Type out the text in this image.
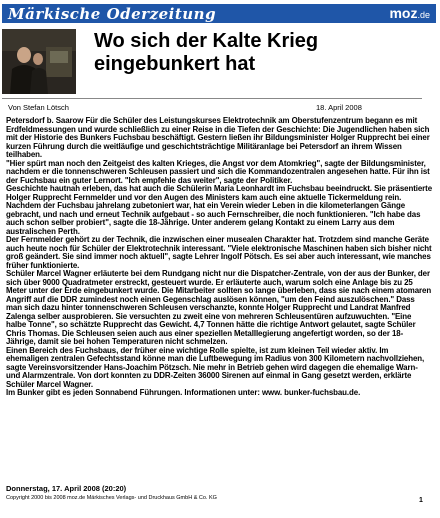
Märkische Oderzeitung	moz.de
Wo sich der Kalte Krieg eingebunkert hat
Von Stefan Lötsch	18. April 2008

Petersdorf b. Saarow Für die Schüler des Leistungskurses Elektrotechnik am Oberstufenzentrum begann es mit Erdfeldmessungen und wurde schließlich zu einer Reise in die Tiefen der Geschichte: Die Jugendlichen haben sich mit der Historie des Bunkers Fuchsbau beschäftigt. Gestern ließen ihr Bildungsminister Holger Rupprecht bei einer kurzen Führung durch die weitläufige und geschichtsträchtige Militäranlage bei Petersdorf an ihrem Wissen teilhaben.

"Hier spürt man noch den Zeitgeist des kalten Krieges, die Angst vor dem Atomkrieg", sagte der Bildungsminister, nachdem er die tonnenschweren Schleusen passiert und sich die Kommandozentralen angesehen hatte. Für ihn ist der Fuchsbau ein guter Lernort. "Ich empfehle das weiter", sagte der Politiker.

Geschichte hautnah erleben, das hat auch die Schülerin Maria Leonhardt im Fuchsbau beeindruckt. Sie präsentierte Holger Rupprecht Fernmelder und vor den Augen des Ministers kam auch eine aktuelle Tickermeldung rein. Nachdem der Fuchsbau jahrelang zubetoniert war, hat ein Verein wieder Leben in die kilometerlangen Gänge gebracht, und nach und erneut Technik aufgebaut - so auch Fernschreiber, die noch funktionieren. "Ich habe das auch schon selber probiert", sagte die 18-Jährige. Unter anderem gelang Kontakt zu einem Larry aus dem australischen Perth.

Der Fernmelder gehört zu der Technik, die inzwischen einer musealen Charakter hat. Trotzdem sind manche Geräte auch heute noch für Schüler der Elektrotechnik interessant. "Viele elektronische Maschinen haben sich bisher nicht groß geändert. Sie sind immer noch aktuell", sagte Lehrer Ingolf Pötsch. Es sei aber auch interessant, wie manches früher funktionierte.

Schüler Marcel Wagner erläuterte bei dem Rundgang nicht nur die Dispatcher-Zentrale, von der aus der Bunker, der sich über 9000 Quadratmeter erstreckt, gesteuert wurde. Er erläuterte auch, warum solch eine Anlage bis zu 25 Meter unter der Erde eingebunkert wurde. Die Mitarbeiter sollten so lange überleben, dass sie nach einem atomaren Angriff auf die DDR zumindest noch einen Gegenschlag auslösen können, "um den Feind auszulöschen." Dass man sich dazu hinter tonnenschweren Schleusen verschanzte, konnte Holger Rupprecht und Landrat Manfred Zalenga selber ausprobieren. Sie versuchten zu zweit eine von mehreren Schleusentüren aufzuwuchten. "Eine halbe Tonne", so schätzte Rupprecht das Gewicht. 4,7 Tonnen hätte die richtige Antwort gelautet, sagte Schüler Chris Thomas. Die Schleusen seien auch aus einer speziellen Metalllegierung angefertigt worden, so der 18-Jährige, damit sie bei hohen Temperaturen nicht schmelzen.

Einen Bereich des Fuchsbaus, der früher eine wichtige Rolle spielte, ist zum kleinen Teil wieder aktiv. Im ehemaligen zentralen Gefechtsstand könne man die Luftbewegung im Radius von 300 Kilometern nachvollziehen, sagte Vereinsvorsitzender Hans-Joachim Pötzsch. Nie mehr in Betrieb gehen wird dagegen die ehemalige Warn- und Alarmzentrale. Von dort konnten zu DDR-Zeiten 36000 Sirenen auf einmal in Gang gesetzt werden, erklärte Schüler Marcel Wagner.

Im Bunker gibt es jeden Sonnabend Führungen. Informationen unter: www. bunker-fuchsbau.de.

Donnerstag, 17. April 2008 (20:20)
Copyright 2000 bis 2008 moz.de Märkisches Verlags- und Druckhaus GmbH & Co. KG	1
